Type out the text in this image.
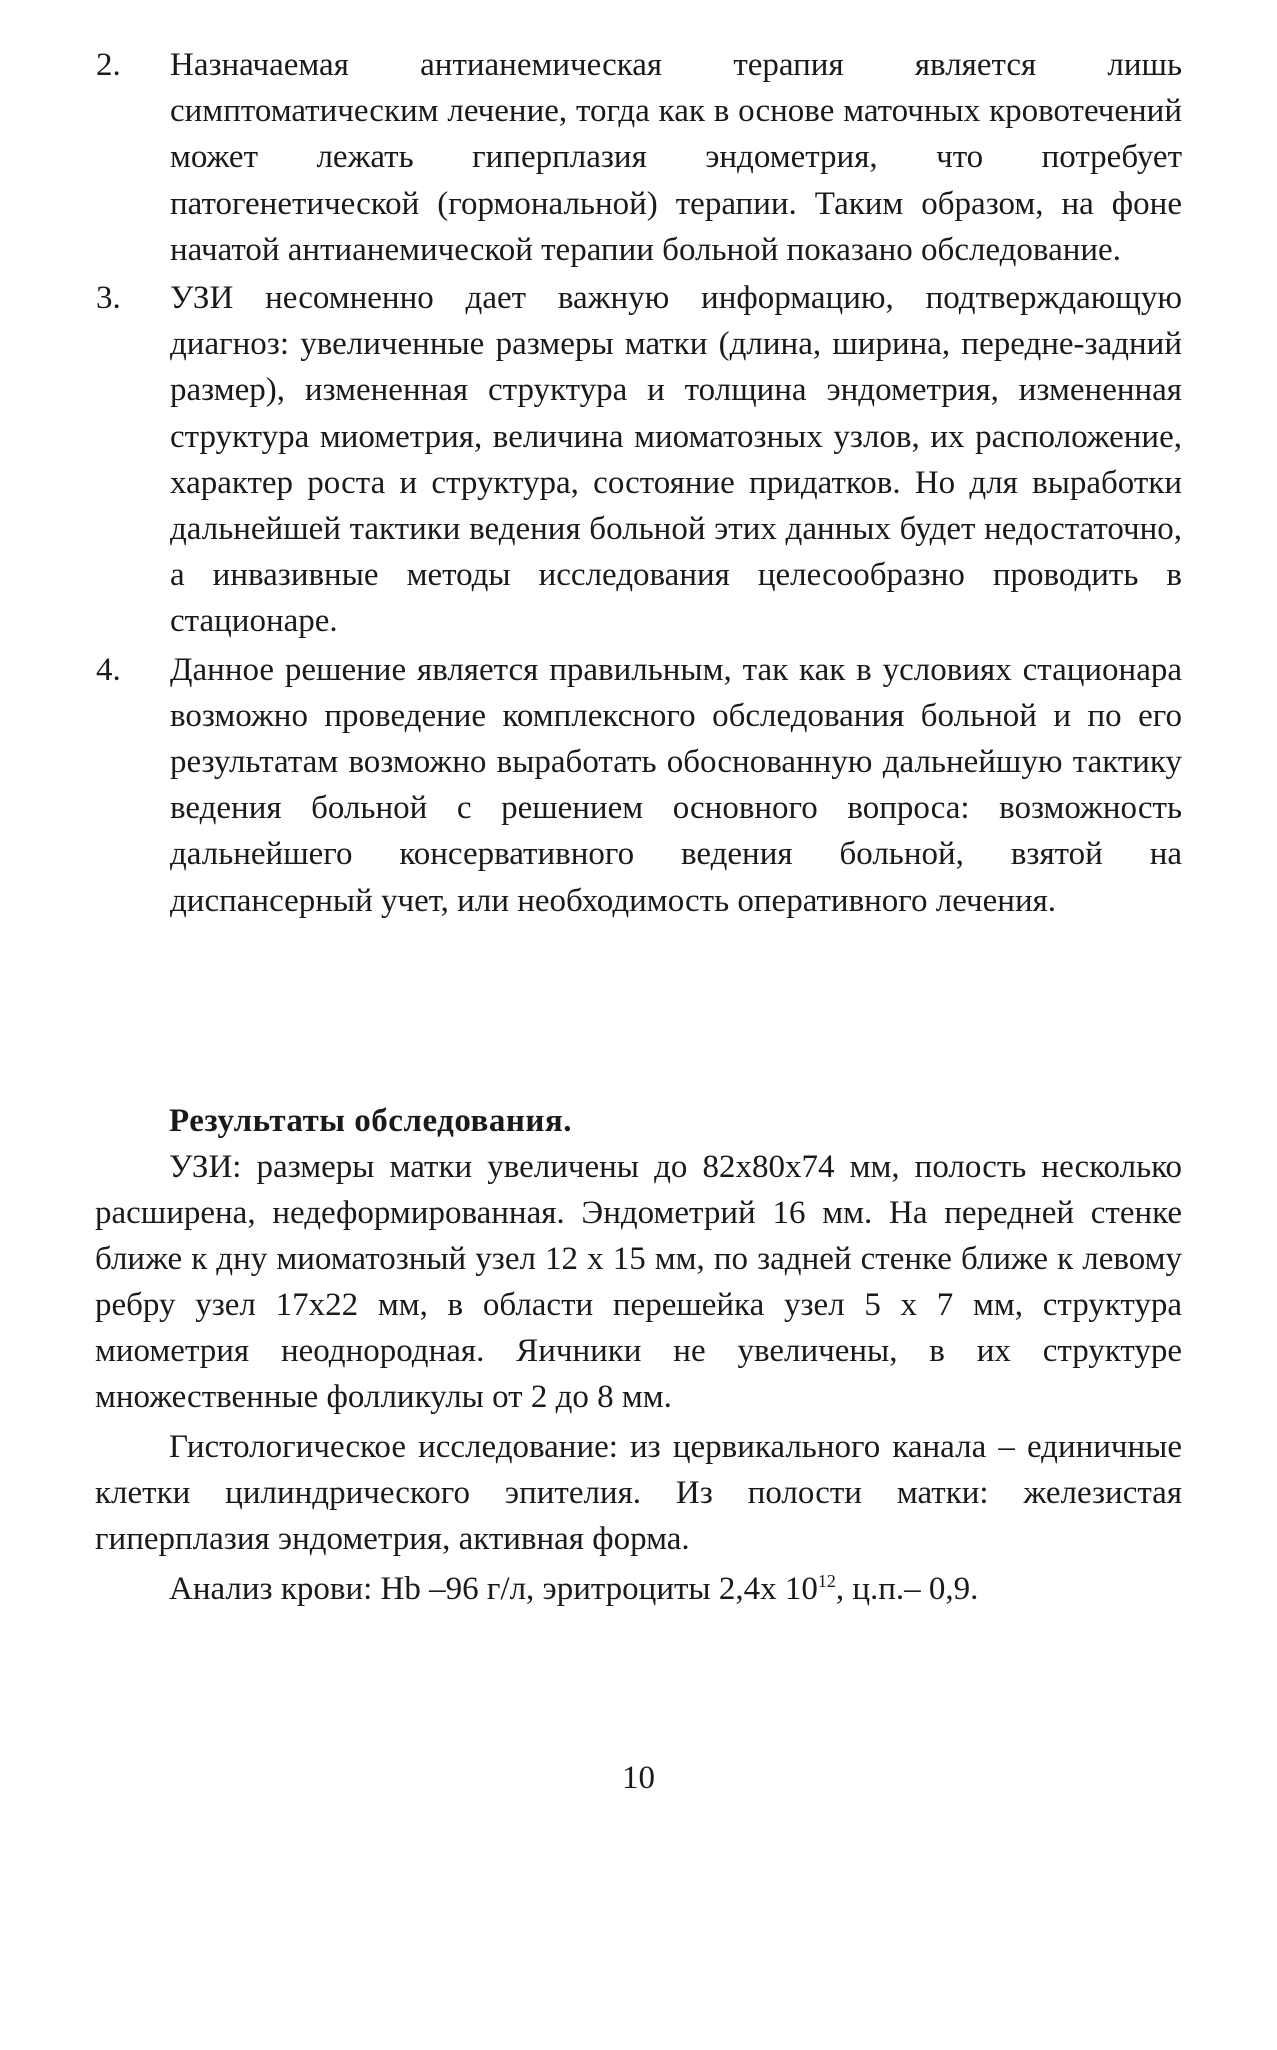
2. Назначаемая антианемическая терапия является лишь симптоматическим лечение, тогда как в основе маточных кровотечений может лежать гиперплазия эндометрия, что потребует патогенетической (гормональной) терапии. Таким образом, на фоне начатой антианемической терапии больной показано обследование.
3. УЗИ несомненно дает важную информацию, подтверждающую диагноз: увеличенные размеры матки (длина, ширина, передне-задний размер), измененная структура и толщина эндометрия, измененная структура миометрия, величина миоматозных узлов, их расположение, характер роста и структура, состояние придатков. Но для выработки дальнейшей тактики ведения больной этих данных будет недостаточно, а инвазивные методы исследования целесообразно проводить в стационаре.
4. Данное решение является правильным, так как в условиях стационара возможно проведение комплексного обследования больной и по его результатам возможно выработать обоснованную дальнейшую тактику ведения больной с решением основного вопроса: возможность дальнейшего консервативного ведения больной, взятой на диспансерный учет, или необходимость оперативного лечения.
Результаты обследования.

УЗИ: размеры матки увеличены до 82х80х74 мм, полость несколько расширена, недеформированная. Эндометрий 16 мм. На передней стенке ближе к дну миоматозный узел 12 х 15 мм, по задней стенке ближе к левому ребру узел 17х22 мм, в области перешейка узел 5 х 7 мм, структура миометрия неоднородная. Яичники не увеличены, в их структуре множественные фолликулы от 2 до 8 мм.

Гистологическое исследование: из цервикального канала – единичные клетки цилиндрического эпителия. Из полости матки: железистая гиперплазия эндометрия, активная форма.

Анализ крови: Hb –96 г/л, эритроциты 2,4х $10^{12}$, ц.п.– 0,9.

10
